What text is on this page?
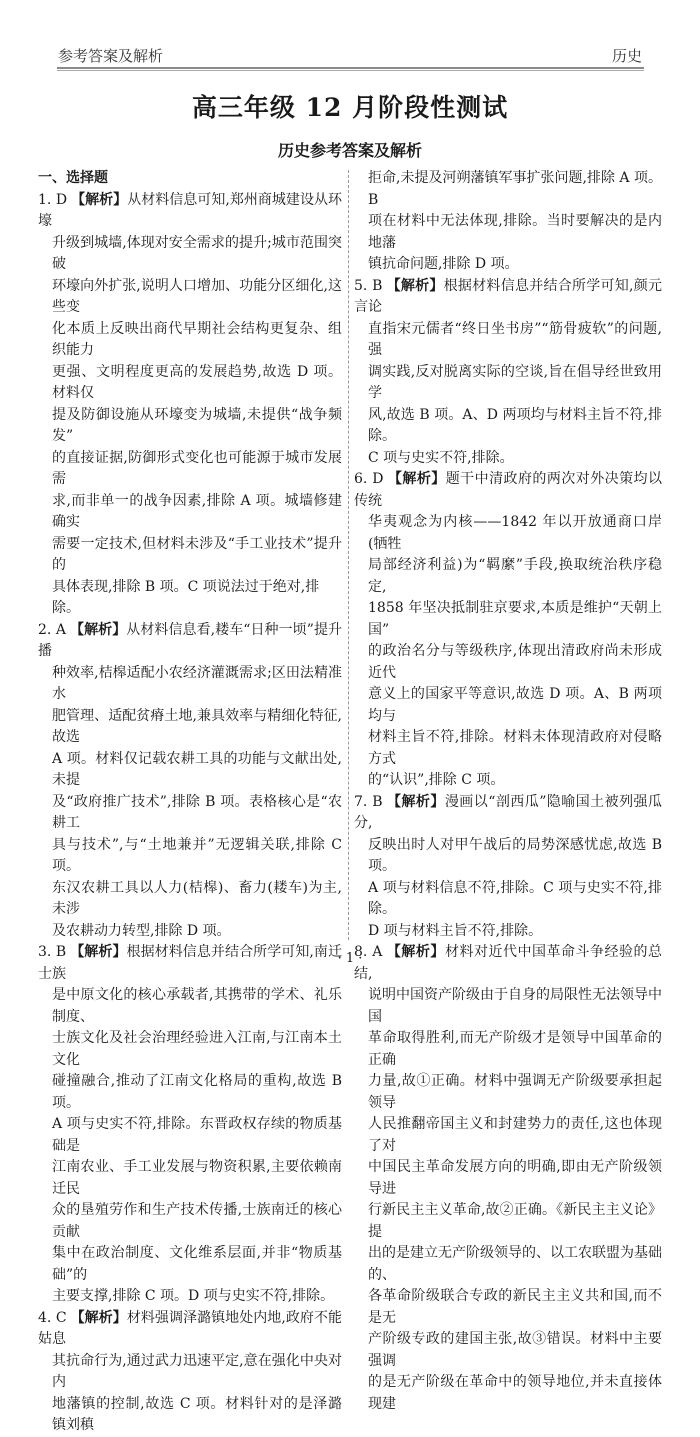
参考答案及解析	历史
高三年级 12 月阶段性测试
历史参考答案及解析
一、选择题
1. D 【解析】从材料信息可知,郑州商城建设从环壕
升级到城墙,体现对安全需求的提升;城市范围突破
环壕向外扩张,说明人口增加、功能分区细化,这些变
化本质上反映出商代早期社会结构更复杂、组织能力
更强、文明程度更高的发展趋势,故选 D 项。材料仅
提及防御设施从环壕变为城墙,未提供“战争频发”
的直接证据,防御形式变化也可能源于城市发展需
求,而非单一的战争因素,排除 A 项。城墙修建确实
需要一定技术,但材料未涉及“手工业技术”提升的
具体表现,排除 B 项。C 项说法过于绝对,排除。
2. A 【解析】从材料信息看,耧车“日种一顷”提升播
种效率,桔槔适配小农经济灌溉需求;区田法精准水
肥管理、适配贫瘠土地,兼具效率与精细化特征,故选
A 项。材料仅记载农耕工具的功能与文献出处,未提
及“政府推广技术”,排除 B 项。表格核心是“农耕工
具与技术”,与“土地兼并”无逻辑关联,排除 C 项。
东汉农耕工具以人力(桔槔)、畜力(耧车)为主,未涉
及农耕动力转型,排除 D 项。
3. B 【解析】根据材料信息并结合所学可知,南迁士族
是中原文化的核心承载者,其携带的学术、礼乐制度、
士族文化及社会治理经验进入江南,与江南本土文化
碰撞融合,推动了江南文化格局的重构,故选 B 项。
A 项与史实不符,排除。东晋政权存续的物质基础是
江南农业、手工业发展与物资积累,主要依赖南迁民
众的垦殖劳作和生产技术传播,士族南迁的核心贡献
集中在政治制度、文化维系层面,并非“物质基础”的
主要支撑,排除 C 项。D 项与史实不符,排除。
4. C 【解析】材料强调泽潞镇地处内地,政府不能姑息
其抗命行为,通过武力迅速平定,意在强化中央对内
地藩镇的控制,故选 C 项。材料针对的是泽潞镇刘稹
拒命,未提及河朔藩镇军事扩张问题,排除 A 项。B
项在材料中无法体现,排除。当时要解决的是内地藩
镇抗命问题,排除 D 项。
5. B 【解析】根据材料信息并结合所学可知,颜元言论
直指宋元儒者“终日坐书房”“筋骨疲软”的问题,强
调实践,反对脱离实际的空谈,旨在倡导经世致用学
风,故选 B 项。A、D 两项均与材料主旨不符,排除。
C 项与史实不符,排除。
6. D 【解析】题干中清政府的两次对外决策均以传统
华夷观念为内核——1842 年以开放通商口岸(牺牲
局部经济利益)为“羁縻”手段,换取统治秩序稳定,
1858 年坚决抵制驻京要求,本质是维护“天朝上国”
的政治名分与等级秩序,体现出清政府尚未形成近代
意义上的国家平等意识,故选 D 项。A、B 两项均与
材料主旨不符,排除。材料未体现清政府对侵略方式
的“认识”,排除 C 项。
7. B 【解析】漫画以“剖西瓜”隐喻国土被列强瓜分,
反映出时人对甲午战后的局势深感忧虑,故选 B 项。
A 项与材料信息不符,排除。C 项与史实不符,排除。
D 项与材料主旨不符,排除。
8. A 【解析】材料对近代中国革命斗争经验的总结,
说明中国资产阶级由于自身的局限性无法领导中国
革命取得胜利,而无产阶级才是领导中国革命的正确
力量,故①正确。材料中强调无产阶级要承担起领导
人民推翻帝国主义和封建势力的责任,这也体现了对
中国民主革命发展方向的明确,即由无产阶级领导进
行新民主主义革命,故②正确。《新民主主义论》提
出的是建立无产阶级领导的、以工农联盟为基础的、
各革命阶级联合专政的新民主主义共和国,而不是无
产阶级专政的建国主张,故③错误。材料中主要强调
的是无产阶级在革命中的领导地位,并未直接体现建
· 1 ·
